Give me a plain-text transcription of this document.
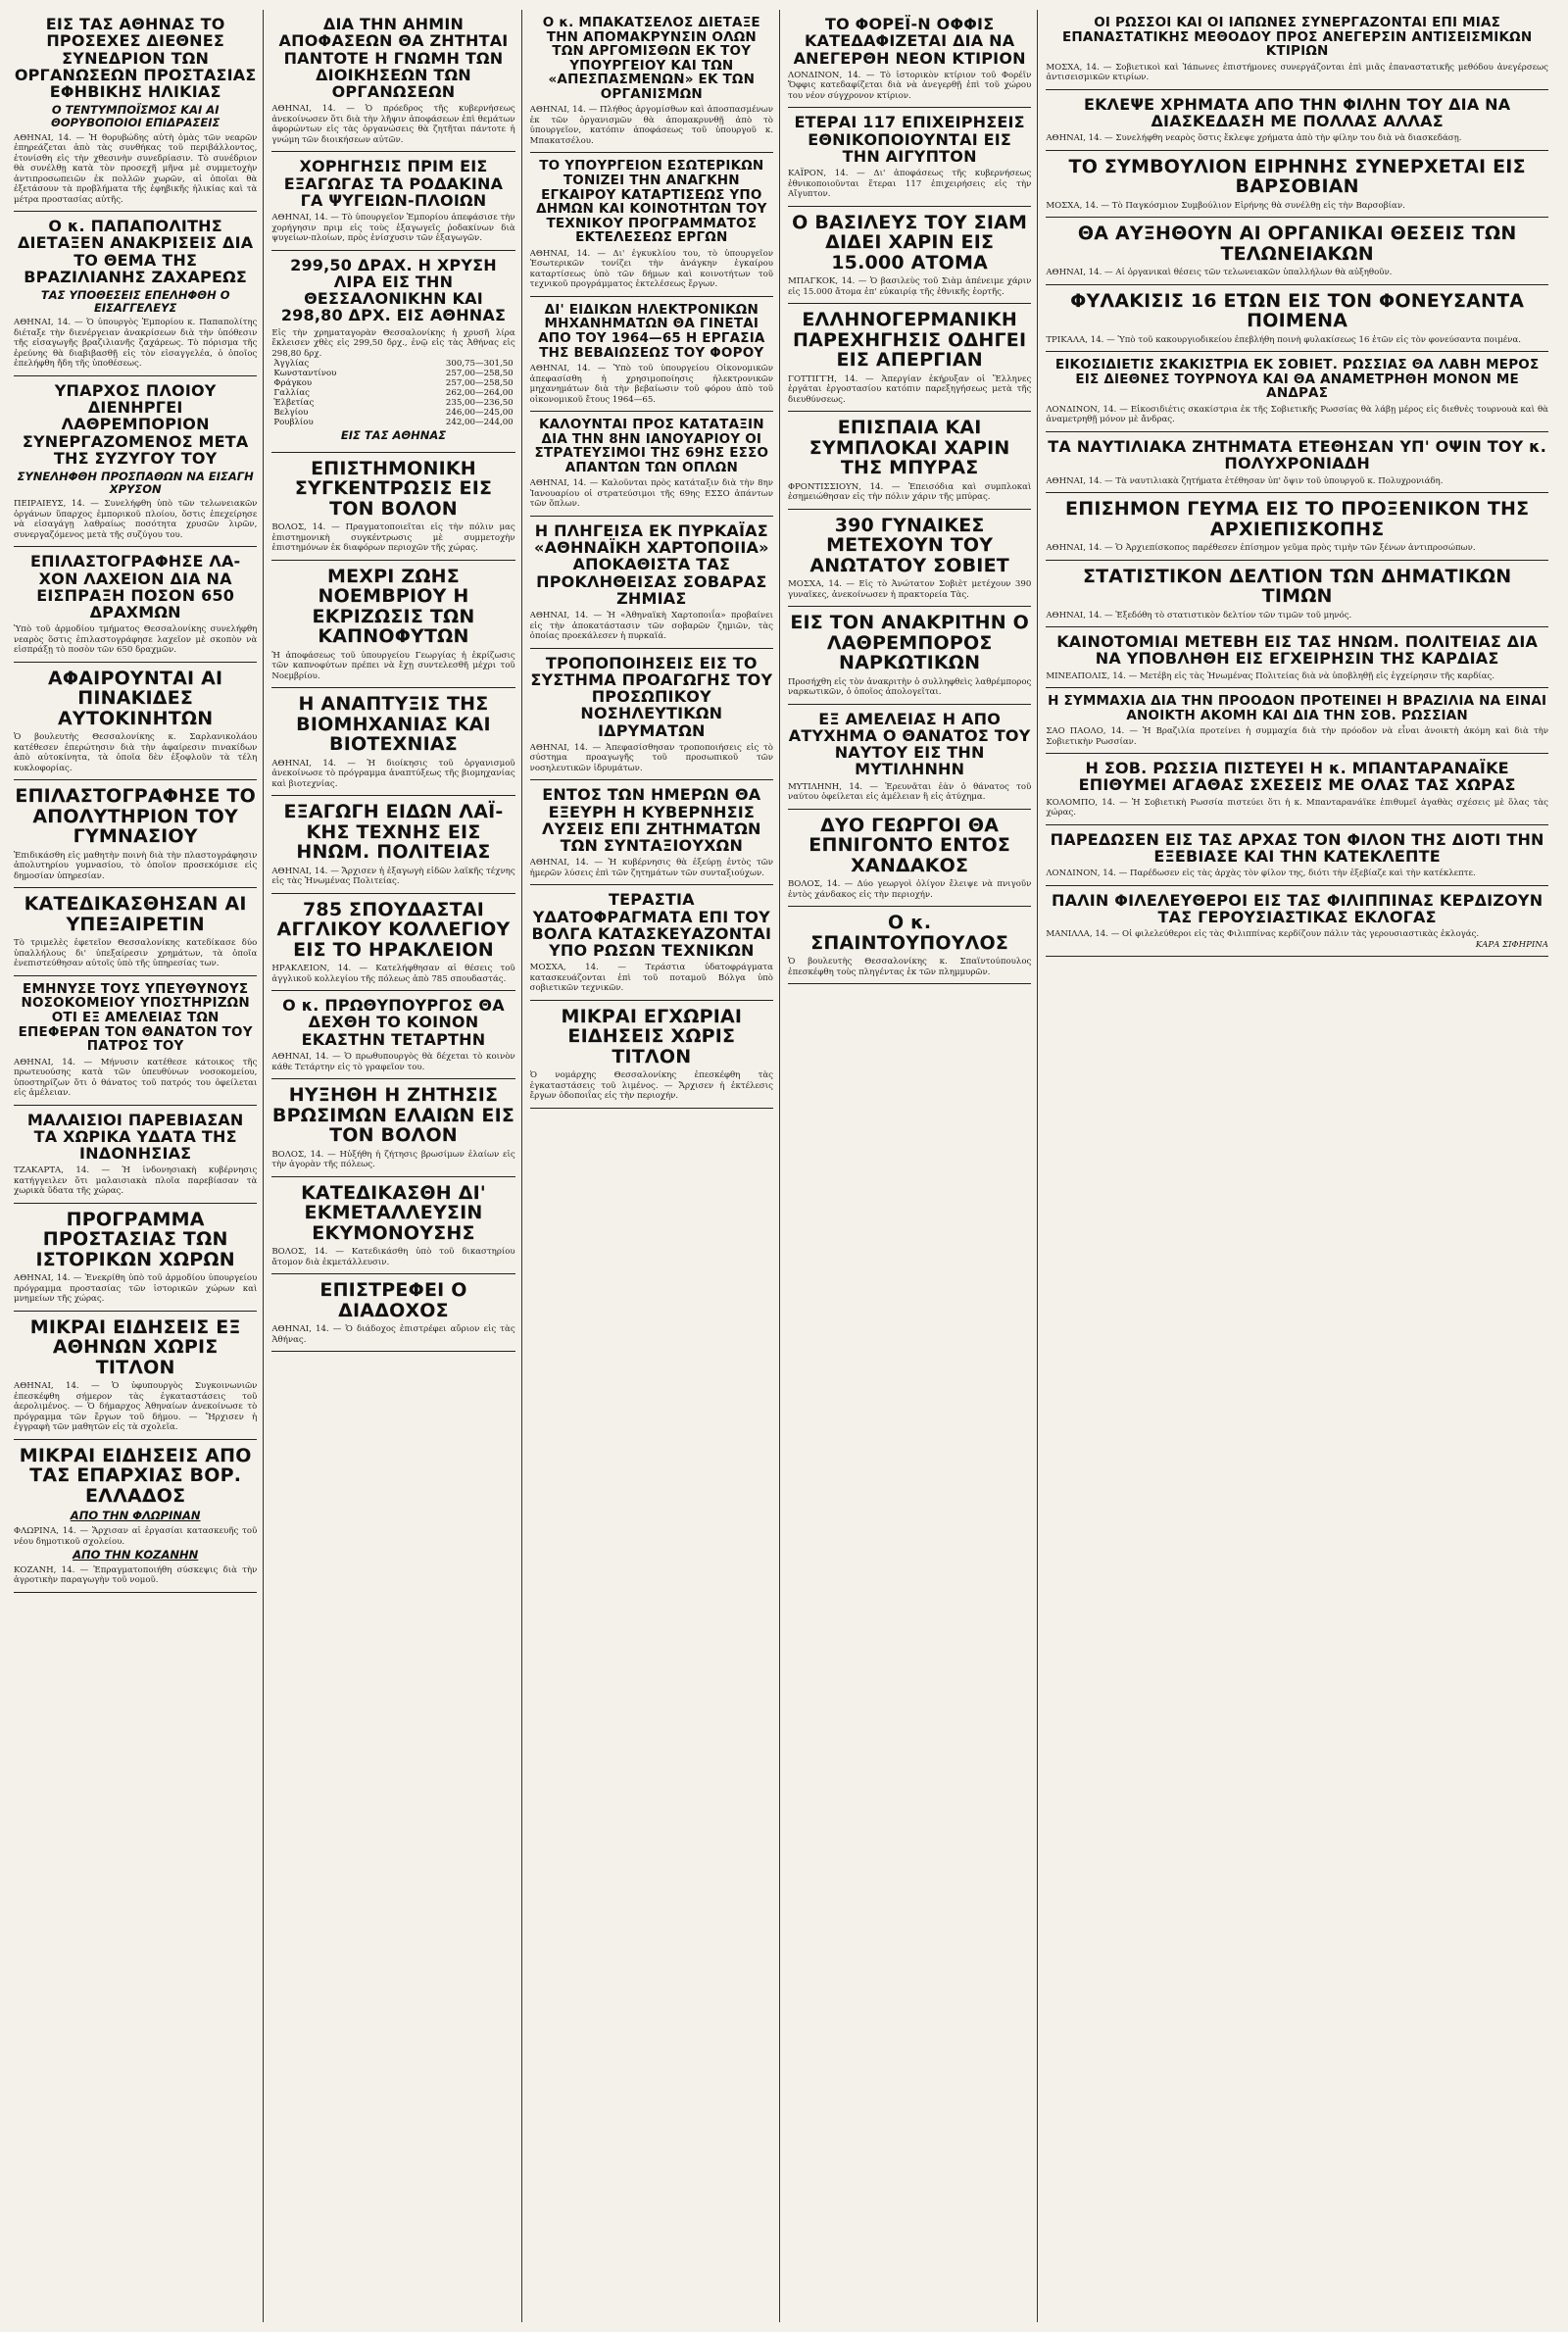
ΕΙΣ ΤΑΣ ΑΘΗΝΑΣ ΤΟ ΠΡΟΣΕΧΕΣ ΔΙΕΘΝΕΣ ΣΥΝΕΔΡΙΟΝ ΤΩΝ ΟΡΓΑΝΩΣΕΩΝ ΠΡΟΣΤΑΣΙΑΣ ΕΦΗΒΙΚΗΣ ΗΛΙΚΙΑΣ
Ο ΤΕΝΤΥΜΠΟΪΣΜΟΣ ΚΑΙ ΑΙ ΘΟΡΥΒΟΠΟΙΟΙ ΕΠΙΔΡΑΣΕΙΣ

ΑΘΗΝΑΙ, 14. — Ἡ θορυβώδης αὐτὴ ὁμὰς τῶν νεαρῶν ἐπηρεάζεται ἀπὸ τὰς συνθήκας τοῦ περιβάλλοντος, ἐτονίσθη εἰς τὴν χθεσινὴν συνεδρίασιν. Τὸ συνέδριον θὰ συνέλθῃ κατὰ τὸν προσεχῆ μῆνα μὲ συμμετοχὴν ἀντιπροσωπειῶν ἐκ πολλῶν χωρῶν, αἱ ὁποῖαι θὰ ἐξετάσουν τὰ προβλήματα τῆς ἐφηβικῆς ἡλικίας καὶ τὰ μέτρα προστασίας αὐτῆς.

Ο κ. ΠΑΠΑΠΟΛΙΤΗΣ ΔΙΕΤΑΞΕΝ ΑΝΑΚΡΙΣΕΙΣ ΔΙΑ ΤΟ ΘΕΜΑ ΤΗΣ ΒΡΑΖΙΛΙΑΝΗΣ ΖΑΧΑΡΕΩΣ
ΤΑΣ ΥΠΟΘΕΣΕΙΣ ΕΠΕΛΗΦΘΗ Ο ΕΙΣΑΓΓΕΛΕΥΣ

ΑΘΗΝΑΙ, 14. — Ὁ ὑπουργὸς Ἐμπορίου κ. Παπαπολίτης διέταξε τὴν διενέργειαν ἀνακρίσεων διὰ τὴν ὑπόθεσιν τῆς εἰσαγωγῆς βραζιλιανῆς ζαχάρεως. Τὸ πόρισμα τῆς ἐρεύνης θὰ διαβιβασθῇ εἰς τὸν εἰσαγγελέα, ὁ ὁποῖος ἐπελήφθη ἤδη τῆς ὑποθέσεως.

ΥΠΑΡΧΟΣ ΠΛΟΙΟΥ ΔΙΕΝΗΡΓΕΙ ΛΑΘΡΕΜΠΟΡΙΟΝ ΣΥΝΕΡΓΑΖΟΜΕΝΟΣ ΜΕΤΑ ΤΗΣ ΣΥΖΥΓΟΥ ΤΟΥ
ΣΥΝΕΛΗΦΘΗ ΠΡΟΣΠΑΘΩΝ ΝΑ ΕΙΣΑΓΗ ΧΡΥΣΟΝ

ΠΕΙΡΑΙΕΥΣ, 14. — Συνελήφθη ὑπὸ τῶν τελωνειακῶν ὀργάνων ὕπαρχος ἐμπορικοῦ πλοίου, ὅστις ἐπεχείρησε νὰ εἰσαγάγῃ λαθραίως ποσότητα χρυσῶν λιρῶν, συνεργαζόμενος μετὰ τῆς συζύγου του.

ΕΠΙΛΑΣΤΟΓΡΑΦΗΣΕ ΛΑ-ΧΟΝ ΛΑΧΕΙΟΝ ΔΙΑ ΝΑ ΕΙΣΠΡΑΞΗ ΠΟΣΟΝ 650 ΔΡΑΧΜΩΝ

Ὑπὸ τοῦ ἀρμοδίου τμήματος Θεσσαλονίκης συνελήφθη νεαρὸς ὅστις ἐπιλαστογράφησε λαχεῖον μὲ σκοπὸν νὰ εἰσπράξῃ τὸ ποσὸν τῶν 650 δραχμῶν.

ΑΦΑΙΡΟΥΝΤΑΙ ΑΙ ΠΙΝΑΚΙΔΕΣ ΑΥΤΟΚΙΝΗΤΩΝ

Ὁ βουλευτὴς Θεσσαλονίκης κ. Σαρλανικολάου κατέθεσεν ἐπερώτησιν διὰ τὴν ἀφαίρεσιν πινακίδων ἀπὸ αὐτοκίνητα, τὰ ὁποῖα δὲν ἐξοφλοῦν τὰ τέλη κυκλοφορίας.

ΕΠΙΛΑΣΤΟΓΡΑΦΗΣΕ ΤΟ ΑΠΟΛΥΤΗΡΙΟΝ ΤΟΥ ΓΥΜΝΑΣΙΟΥ

Ἐπιδικάσθη εἰς μαθητὴν ποινὴ διὰ τὴν πλαστογράφησιν ἀπολυτηρίου γυμνασίου, τὸ ὁποῖον προσεκόμισε εἰς δημοσίαν ὑπηρεσίαν.

ΚΑΤΕΔΙΚΑΣΘΗΣΑΝ ΑΙ ΥΠΕΞΑΙΡΕΤΙΝ

Τὸ τριμελὲς ἐφετεῖον Θεσσαλονίκης κατεδίκασε δύο ὑπαλλήλους δι' ὑπεξαίρεσιν χρημάτων, τὰ ὁποῖα ἐνεπιστεύθησαν αὐτοῖς ὑπὸ τῆς ὑπηρεσίας των.

ΕΜΗΝΥΣΕ ΤΟΥΣ ΥΠΕΥΘΥΝΟΥΣ ΝΟΣΟΚΟΜΕΙΟΥ ΥΠΟΣΤΗΡΙΖΩΝ ΟΤΙ ΕΞ ΑΜΕΛΕΙΑΣ ΤΩΝ ΕΠΕΦΕΡΑΝ ΤΟΝ ΘΑΝΑΤΟΝ ΤΟΥ ΠΑΤΡΟΣ ΤΟΥ

ΑΘΗΝΑΙ, 14. — Μήνυσιν κατέθεσε κάτοικος τῆς πρωτευούσης κατὰ τῶν ὑπευθύνων νοσοκομείου, ὑποστηρίζων ὅτι ὁ θάνατος τοῦ πατρός του ὀφείλεται εἰς ἀμέλειαν.

ΜΑΛΑΙΣΙΟΙ ΠΑΡΕΒΙΑΣΑΝ ΤΑ ΧΩΡΙΚΑ ΥΔΑΤΑ ΤΗΣ ΙΝΔΟΝΗΣΙΑΣ

ΤΖΑΚΑΡΤΑ, 14. — Ἡ ἰνδονησιακὴ κυβέρνησις κατήγγειλεν ὅτι μαλαισιακὰ πλοῖα παρεβίασαν τὰ χωρικὰ ὕδατα τῆς χώρας.

ΠΡΟΓΡΑΜΜΑ ΠΡΟΣΤΑΣΙΑΣ ΤΩΝ ΙΣΤΟΡΙΚΩΝ ΧΩΡΩΝ

ΑΘΗΝΑΙ, 14. — Ἐνεκρίθη ὑπὸ τοῦ ἀρμοδίου ὑπουργείου πρόγραμμα προστασίας τῶν ἱστορικῶν χώρων καὶ μνημείων τῆς χώρας.

ΜΙΚΡΑΙ ΕΙΔΗΣΕΙΣ ΕΞ ΑΘΗΝΩΝ ΧΩΡΙΣ ΤΙΤΛΟΝ

ΑΘΗΝΑΙ, 14. — Ὁ ὑφυπουργὸς Συγκοινωνιῶν ἐπεσκέφθη σήμερον τὰς ἐγκαταστάσεις τοῦ ἀερολιμένος. — Ὁ δήμαρχος Ἀθηναίων ἀνεκοίνωσε τὸ πρόγραμμα τῶν ἔργων τοῦ δήμου. — Ἤρχισεν ἡ ἐγγραφὴ τῶν μαθητῶν εἰς τὰ σχολεῖα.

ΜΙΚΡΑΙ ΕΙΔΗΣΕΙΣ ΑΠΟ ΤΑΣ ΕΠΑΡΧΙΑΣ ΒΟΡ. ΕΛΛΑΔΟΣ
ΑΠΟ ΤΗΝ ΦΛΩΡΙΝΑΝ

ΦΛΩΡΙΝΑ, 14. — Ἄρχισαν αἱ ἐργασίαι κατασκευῆς τοῦ νέου δημοτικοῦ σχολείου.

ΑΠΟ ΤΗΝ ΚΟΖΑΝΗΝ

ΚΟΖΑΝΗ, 14. — Ἐπραγματοποιήθη σύσκεψις διὰ τὴν ἀγροτικὴν παραγωγὴν τοῦ νομοῦ.

ΔΙΑ ΤΗΝ ΑΗΜΙΝ ΑΠΟΦΑΣΕΩΝ ΘΑ ΖΗΤΗΤΑΙ ΠΑΝΤΟΤΕ Η ΓΝΩΜΗ ΤΩΝ ΔΙΟΙΚΗΣΕΩΝ ΤΩΝ ΟΡΓΑΝΩΣΕΩΝ

ΑΘΗΝΑΙ, 14. — Ὁ πρόεδρος τῆς κυβερνήσεως ἀνεκοίνωσεν ὅτι διὰ τὴν λῆψιν ἀποφάσεων ἐπὶ θεμάτων ἀφορώντων εἰς τὰς ὀργανώσεις θὰ ζητῆται πάντοτε ἡ γνώμη τῶν διοικήσεων αὐτῶν.

ΧΟΡΗΓΗΣΙΣ ΠΡΙΜ ΕΙΣ ΕΞΑΓΩΓΑΣ ΤΑ ΡΟΔΑΚΙΝΑ ΓΑ ΨΥΓΕΙΩΝ-ΠΛΟΙΩΝ

ΑΘΗΝΑΙ, 14. — Τὸ ὑπουργεῖον Ἐμπορίου ἀπεφάσισε τὴν χορήγησιν πριμ εἰς τοὺς ἐξαγωγεῖς ῥοδακίνων διὰ ψυγείων-πλοίων, πρὸς ἐνίσχυσιν τῶν ἐξαγωγῶν.

299,50 ΔΡΑΧ. Η ΧΡΥΣΗ ΛΙΡΑ ΕΙΣ ΤΗΝ ΘΕΣΣΑΛΟΝΙΚΗΝ ΚΑΙ 298,80 ΔΡΧ. ΕΙΣ ΑΘΗΝΑΣ

Εἰς τὴν χρηματαγορὰν Θεσσαλονίκης ἡ χρυσῆ λίρα ἔκλεισεν χθὲς εἰς 299,50 δρχ., ἐνῷ εἰς τὰς Ἀθήνας εἰς 298,80 δρχ.

Ἀγγλίας	300,75—301,50
Κωνσταντίνου	257,00—258,50
Φράγκου	257,00—258,50
Γαλλίας	262,00—264,00
Ἐλβετίας	235,00—236,50
Βελγίου	246,00—245,00
Ρουβλίου	242,00—244,00
ΕΙΣ ΤΑΣ ΑΘΗΝΑΣ
ΕΠΙΣΤΗΜΟΝΙΚΗ ΣΥΓΚΕΝΤΡΩΣΙΣ ΕΙΣ ΤΟΝ ΒΟΛΟΝ

ΒΟΛΟΣ, 14. — Πραγματοποιεῖται εἰς τὴν πόλιν μας ἐπιστημονικὴ συγκέντρωσις μὲ συμμετοχὴν ἐπιστημόνων ἐκ διαφόρων περιοχῶν τῆς χώρας.

ΜΕΧΡΙ ΖΩΗΣ ΝΟΕΜΒΡΙΟΥ Η ΕΚΡΙΖΩΣΙΣ ΤΩΝ ΚΑΠΝΟΦΥΤΩΝ

Ἡ ἀποφάσεως τοῦ ὑπουργείου Γεωργίας ἡ ἐκρίζωσις τῶν καπνοφύτων πρέπει νὰ ἔχῃ συντελεσθῆ μέχρι τοῦ Νοεμβρίου.

Η ΑΝΑΠΤΥΞΙΣ ΤΗΣ ΒΙΟΜΗΧΑΝΙΑΣ ΚΑΙ ΒΙΟΤΕΧΝΙΑΣ

ΑΘΗΝΑΙ, 14. — Ἡ διοίκησις τοῦ ὀργανισμοῦ ἀνεκοίνωσε τὸ πρόγραμμα ἀναπτύξεως τῆς βιομηχανίας καὶ βιοτεχνίας.

ΕΞΑΓΩΓΗ ΕΙΔΩΝ ΛΑΪ-ΚΗΣ ΤΕΧΝΗΣ ΕΙΣ ΗΝΩΜ. ΠΟΛΙΤΕΙΑΣ

ΑΘΗΝΑΙ, 14. — Ἄρχισεν ἡ ἐξαγωγὴ εἰδῶν λαϊκῆς τέχνης εἰς τὰς Ἡνωμένας Πολιτείας.

785 ΣΠΟΥΔΑΣΤΑΙ ΑΓΓΛΙΚΟΥ ΚΟΛΛΕΓΙΟΥ ΕΙΣ ΤΟ ΗΡΑΚΛΕΙΟΝ

ΗΡΑΚΛΕΙΟΝ, 14. — Κατελήφθησαν αἱ θέσεις τοῦ ἀγγλικοῦ κολλεγίου τῆς πόλεως ἀπὸ 785 σπουδαστάς.

Ο κ. ΠΡΩΘΥΠΟΥΡΓΟΣ ΘΑ ΔΕΧΘΗ ΤΟ ΚΟΙΝΟΝ ΕΚΑΣΤΗΝ ΤΕΤΑΡΤΗΝ

ΑΘΗΝΑΙ, 14. — Ὁ πρωθυπουργὸς θὰ δέχεται τὸ κοινὸν κάθε Τετάρτην εἰς τὸ γραφεῖον του.

ΗΥΞΗΘΗ Η ΖΗΤΗΣΙΣ ΒΡΩΣΙΜΩΝ ΕΛΑΙΩΝ ΕΙΣ ΤΟΝ ΒΟΛΟΝ

ΒΟΛΟΣ, 14. — Ηὐξήθη ἡ ζήτησις βρωσίμων ἐλαίων εἰς τὴν ἀγορὰν τῆς πόλεως.

ΚΑΤΕΔΙΚΑΣΘΗ ΔΙ' ΕΚΜΕΤΑΛΛΕΥΣΙΝ ΕΚΥΜΟΝΟΥΣΗΣ

ΒΟΛΟΣ, 14. — Κατεδικάσθη ὑπὸ τοῦ δικαστηρίου ἄτομον διὰ ἐκμετάλλευσιν.

ΕΠΙΣΤΡΕΦΕΙ Ο ΔΙΑΔΟΧΟΣ

ΑΘΗΝΑΙ, 14. — Ὁ διάδοχος ἐπιστρέφει αὔριον εἰς τὰς Ἀθήνας.

Ο κ. ΜΠΑΚΑΤΣΕΛΟΣ ΔΙΕΤΑΞΕ ΤΗΝ ΑΠΟΜΑΚΡΥΝΣΙΝ ΟΛΩΝ ΤΩΝ ΑΡΓΟΜΙΣΘΩΝ ΕΚ ΤΟΥ ΥΠΟΥΡΓΕΙΟΥ ΚΑΙ ΤΩΝ «ΑΠΕΣΠΑΣΜΕΝΩΝ» ΕΚ ΤΩΝ ΟΡΓΑΝΙΣΜΩΝ

ΑΘΗΝΑΙ, 14. — Πλήθος ἀργομίσθων καὶ ἀποσπασμένων ἐκ τῶν ὀργανισμῶν θὰ ἀπομακρυνθῇ ἀπὸ τὸ ὑπουργεῖον, κατόπιν ἀποφάσεως τοῦ ὑπουργοῦ κ. Μπακατσέλου.

ΤΟ ΥΠΟΥΡΓΕΙΟΝ ΕΣΩΤΕΡΙΚΩΝ ΤΟΝΙΖΕΙ ΤΗΝ ΑΝΑΓΚΗΝ ΕΓΚΑΙΡΟΥ ΚΑΤΑΡΤΙΣΕΩΣ ΥΠΟ ΔΗΜΩΝ ΚΑΙ ΚΟΙΝΟΤΗΤΩΝ ΤΟΥ ΤΕΧΝΙΚΟΥ ΠΡΟΓΡΑΜΜΑΤΟΣ ΕΚΤΕΛΕΣΕΩΣ ΕΡΓΩΝ

ΑΘΗΝΑΙ, 14. — Δι' ἐγκυκλίου του, τὸ ὑπουργεῖον Ἐσωτερικῶν τονίζει τὴν ἀνάγκην ἐγκαίρου καταρτίσεως ὑπὸ τῶν δήμων καὶ κοινοτήτων τοῦ τεχνικοῦ προγράμματος ἐκτελέσεως ἔργων.

ΔΙ' ΕΙΔΙΚΩΝ ΗΛΕΚΤΡΟΝΙΚΩΝ ΜΗΧΑΝΗΜΑΤΩΝ ΘΑ ΓΙΝΕΤΑΙ ΑΠΟ ΤΟΥ 1964—65 Η ΕΡΓΑΣΙΑ ΤΗΣ ΒΕΒΑΙΩΣΕΩΣ ΤΟΥ ΦΟΡΟΥ

ΑΘΗΝΑΙ, 14. — Ὑπὸ τοῦ ὑπουργείου Οἰκονομικῶν ἀπεφασίσθη ἡ χρησιμοποίησις ἠλεκτρονικῶν μηχανημάτων διὰ τὴν βεβαίωσιν τοῦ φόρου ἀπὸ τοῦ οἰκονομικοῦ ἔτους 1964—65.

ΚΑΛΟΥΝΤΑΙ ΠΡΟΣ ΚΑΤΑΤΑΞΙΝ ΔΙΑ ΤΗΝ 8ΗΝ ΙΑΝΟΥΑΡΙΟΥ ΟΙ ΣΤΡΑΤΕΥΣΙΜΟΙ ΤΗΣ 69ΗΣ ΕΣΣΟ ΑΠΑΝΤΩΝ ΤΩΝ ΟΠΛΩΝ

ΑΘΗΝΑΙ, 14. — Καλοῦνται πρὸς κατάταξιν διὰ τὴν 8ην Ἰανουαρίου οἱ στρατεύσιμοι τῆς 69ης ΕΣΣΟ ἁπάντων τῶν ὅπλων.

Η ΠΛΗΓΕΙΣΑ ΕΚ ΠΥΡΚΑΪΑΣ «ΑΘΗΝΑΪΚΗ ΧΑΡΤΟΠΟΙΙΑ» ΑΠΟΚΑΘΙΣΤΑ ΤΑΣ ΠΡΟΚΛΗΘΕΙΣΑΣ ΣΟΒΑΡΑΣ ΖΗΜΙΑΣ

ΑΘΗΝΑΙ, 14. — Ἡ «Ἀθηναϊκὴ Χαρτοποιΐα» προβαίνει εἰς τὴν ἀποκατάστασιν τῶν σοβαρῶν ζημιῶν, τὰς ὁποίας προεκάλεσεν ἡ πυρκαϊά.

ΤΡΟΠΟΠΟΙΗΣΕΙΣ ΕΙΣ ΤΟ ΣΥΣΤΗΜΑ ΠΡΟΑΓΩΓΗΣ ΤΟΥ ΠΡΟΣΩΠΙΚΟΥ ΝΟΣΗΛΕΥΤΙΚΩΝ ΙΔΡΥΜΑΤΩΝ

ΑΘΗΝΑΙ, 14. — Ἀπεφασίσθησαν τροποποιήσεις εἰς τὸ σύστημα προαγωγῆς τοῦ προσωπικοῦ τῶν νοσηλευτικῶν ἱδρυμάτων.

ΕΝΤΟΣ ΤΩΝ ΗΜΕΡΩΝ ΘΑ ΕΞΕΥΡΗ Η ΚΥΒΕΡΝΗΣΙΣ ΛΥΣΕΙΣ ΕΠΙ ΖΗΤΗΜΑΤΩΝ ΤΩΝ ΣΥΝΤΑΞΙΟΥΧΩΝ

ΑΘΗΝΑΙ, 14. — Ἡ κυβέρνησις θὰ ἐξεύρῃ ἐντὸς τῶν ἡμερῶν λύσεις ἐπὶ τῶν ζητημάτων τῶν συνταξιούχων.

ΤΕΡΑΣΤΙΑ ΥΔΑΤΟΦΡΑΓΜΑΤΑ ΕΠΙ ΤΟΥ ΒΟΛΓΑ ΚΑΤΑΣΚΕΥΑΖΟΝΤΑΙ ΥΠΟ ΡΩΣΩΝ ΤΕΧΝΙΚΩΝ

ΜΟΣΧΑ, 14. — Τεράστια ὑδατοφράγματα κατασκευάζονται ἐπὶ τοῦ ποταμοῦ Βόλγα ὑπὸ σοβιετικῶν τεχνικῶν.

ΜΙΚΡΑΙ ΕΓΧΩΡΙΑΙ ΕΙΔΗΣΕΙΣ ΧΩΡΙΣ ΤΙΤΛΟΝ

Ὁ νομάρχης Θεσσαλονίκης ἐπεσκέφθη τὰς ἐγκαταστάσεις τοῦ λιμένος. — Ἄρχισεν ἡ ἐκτέλεσις ἔργων ὀδοποιΐας εἰς τὴν περιοχήν.

ΤΟ ΦΟΡΕΪ-Ν ΟΦΦΙΣ ΚΑΤΕΔΑΦΙΖΕΤΑΙ ΔΙΑ ΝΑ ΑΝΕΓΕΡΘΗ ΝΕΟΝ ΚΤΙΡΙΟΝ

ΛΟΝΔΙΝΟΝ, 14. — Τὸ ἱστορικὸν κτίριον τοῦ Φορέϊν Ὄφφις κατεδαφίζεται διὰ νὰ ἀνεγερθῇ ἐπὶ τοῦ χώρου του νέον σύγχρονον κτίριον.

ΕΤΕΡΑΙ 117 ΕΠΙΧΕΙΡΗΣΕΙΣ ΕΘΝΙΚΟΠΟΙΟΥΝΤΑΙ ΕΙΣ ΤΗΝ ΑΙΓΥΠΤΟΝ

ΚΑΪΡΟΝ, 14. — Δι' ἀποφάσεως τῆς κυβερνήσεως ἐθνικοποιοῦνται ἕτεραι 117 ἐπιχειρήσεις εἰς τὴν Αἴγυπτον.

Ο ΒΑΣΙΛΕΥΣ ΤΟΥ ΣΙΑΜ ΔΙΔΕΙ ΧΑΡΙΝ ΕΙΣ 15.000 ΑΤΟΜΑ

ΜΠΑΓΚΟΚ, 14. — Ὁ βασιλεὺς τοῦ Σιὰμ ἀπένειμε χάριν εἰς 15.000 ἄτομα ἐπ' εὐκαιρίᾳ τῆς ἐθνικῆς ἑορτῆς.

ΕΛΛΗΝΟΓΕΡΜΑΝΙΚΗ ΠΑΡΕΧΗΓΗΣΙΣ ΟΔΗΓΕΙ ΕΙΣ ΑΠΕΡΓΙΑΝ

ΓΟΤΤΙΓΓΗ, 14. — Ἀπεργίαν ἐκήρυξαν οἱ Ἕλληνες ἐργάται ἐργοστασίου κατόπιν παρεξηγήσεως μετὰ τῆς διευθύνσεως.

ΕΠΙΣΠΑΙΑ ΚΑΙ ΣΥΜΠΛΟΚΑΙ ΧΑΡΙΝ ΤΗΣ ΜΠΥΡΑΣ

ΦΡΟΝΤΙΣΣΙΟΥΝ, 14. — Ἐπεισόδια καὶ συμπλοκαὶ ἐσημειώθησαν εἰς τὴν πόλιν χάριν τῆς μπύρας.

390 ΓΥΝΑΙΚΕΣ ΜΕΤΕΧΟΥΝ ΤΟΥ ΑΝΩΤΑΤΟΥ ΣΟΒΙΕΤ

ΜΟΣΧΑ, 14. — Εἰς τὸ Ἀνώτατον Σοβιὲτ μετέχουν 390 γυναῖκες, ἀνεκοίνωσεν ἡ πρακτορεία Τὰς.

ΕΙΣ ΤΟΝ ΑΝΑΚΡΙΤΗΝ Ο ΛΑΘΡΕΜΠΟΡΟΣ ΝΑΡΚΩΤΙΚΩΝ

Προσήχθη εἰς τὸν ἀνακριτὴν ὁ συλληφθεὶς λαθρέμπορος ναρκωτικῶν, ὁ ὁποῖος ἀπολογεῖται.

ΕΞ ΑΜΕΛΕΙΑΣ Η ΑΠΟ ΑΤΥΧΗΜΑ Ο ΘΑΝΑΤΟΣ ΤΟΥ ΝΑΥΤΟΥ ΕΙΣ ΤΗΝ ΜΥΤΙΛΗΝΗΝ

ΜΥΤΙΛΗΝΗ, 14. — Ἐρευνᾶται ἐὰν ὁ θάνατος τοῦ ναύτου ὀφείλεται εἰς ἀμέλειαν ἢ εἰς ἀτύχημα.

ΔΥΟ ΓΕΩΡΓΟΙ ΘΑ ΕΠΝΙΓΟΝΤΟ ΕΝΤΟΣ ΧΑΝΔΑΚΟΣ

ΒΟΛΟΣ, 14. — Δύο γεωργοὶ ὀλίγον ἔλειψε νὰ πνιγοῦν ἐντὸς χάνδακος εἰς τὴν περιοχήν.

Ο κ. ΣΠΑΙΝΤΟΥΠΟΥΛΟΣ

Ὁ βουλευτὴς Θεσσαλονίκης κ. Σπαϊντούπουλος ἐπεσκέφθη τοὺς πληγέντας ἐκ τῶν πλημμυρῶν.

ΟΙ ΡΩΣΣΟΙ ΚΑΙ ΟΙ ΙΑΠΩΝΕΣ ΣΥΝΕΡΓΑΖΟΝΤΑΙ ΕΠΙ ΜΙΑΣ ΕΠΑΝΑΣΤΑΤΙΚΗΣ ΜΕΘΟΔΟΥ ΠΡΟΣ ΑΝΕΓΕΡΣΙΝ ΑΝΤΙΣΕΙΣΜΙΚΩΝ ΚΤΙΡΙΩΝ

ΜΟΣΧΑ, 14. — Σοβιετικοὶ καὶ Ἰάπωνες ἐπιστήμονες συνεργάζονται ἐπὶ μιᾶς ἐπαναστατικῆς μεθόδου ἀνεγέρσεως ἀντισεισμικῶν κτιρίων.

ΕΚΛΕΨΕ ΧΡΗΜΑΤΑ ΑΠΟ ΤΗΝ ΦΙΛΗΝ ΤΟΥ ΔΙΑ ΝΑ ΔΙΑΣΚΕΔΑΣΗ ΜΕ ΠΟΛΛΑΣ ΑΛΛΑΣ

ΑΘΗΝΑΙ, 14. — Συνελήφθη νεαρὸς ὅστις ἔκλεψε χρήματα ἀπὸ τὴν φίλην του διὰ νὰ διασκεδάσῃ.

ΤΟ ΣΥΜΒΟΥΛΙΟΝ ΕΙΡΗΝΗΣ ΣΥΝΕΡΧΕΤΑΙ ΕΙΣ ΒΑΡΣΟΒΙΑΝ

ΜΟΣΧΑ, 14. — Τὸ Παγκόσμιον Συμβούλιον Εἰρήνης θὰ συνέλθῃ εἰς τὴν Βαρσοβίαν.

ΘΑ ΑΥΞΗΘΟΥΝ ΑΙ ΟΡΓΑΝΙΚΑΙ ΘΕΣΕΙΣ ΤΩΝ ΤΕΛΩΝΕΙΑΚΩΝ

ΑΘΗΝΑΙ, 14. — Αἱ ὀργανικαὶ θέσεις τῶν τελωνειακῶν ὑπαλλήλων θὰ αὐξηθοῦν.

ΦΥΛΑΚΙΣΙΣ 16 ΕΤΩΝ ΕΙΣ ΤΟΝ ΦΟΝΕΥΣΑΝΤΑ ΠΟΙΜΕΝΑ

ΤΡΙΚΑΛΑ, 14. — Ὑπὸ τοῦ κακουργιοδικείου ἐπεβλήθη ποινὴ φυλακίσεως 16 ἐτῶν εἰς τὸν φονεύσαντα ποιμένα.

ΕΙΚΟΣΙΔΙΕΤΙΣ ΣΚΑΚΙΣΤΡΙΑ ΕΚ ΣΟΒΙΕΤ. ΡΩΣΣΙΑΣ ΘΑ ΛΑΒΗ ΜΕΡΟΣ ΕΙΣ ΔΙΕΘΝΕΣ ΤΟΥΡΝΟΥΑ ΚΑΙ ΘΑ ΑΝΑΜΕΤΡΗΘΗ ΜΟΝΟΝ ΜΕ ΑΝΔΡΑΣ

ΛΟΝΔΙΝΟΝ, 14. — Εἰκοσιδιέτις σκακίστρια ἐκ τῆς Σοβιετικῆς Ρωσσίας θὰ λάβῃ μέρος εἰς διεθνὲς τουρνουὰ καὶ θὰ ἀναμετρηθῇ μόνον μὲ ἄνδρας.

ΤΑ ΝΑΥΤΙΛΙΑΚΑ ΖΗΤΗΜΑΤΑ ΕΤΕΘΗΣΑΝ ΥΠ' ΟΨΙΝ ΤΟΥ κ. ΠΟΛΥΧΡΟΝΙΑΔΗ

ΑΘΗΝΑΙ, 14. — Τὰ ναυτιλιακὰ ζητήματα ἐτέθησαν ὑπ' ὄψιν τοῦ ὑπουργοῦ κ. Πολυχρονιάδη.

ΕΠΙΣΗΜΟΝ ΓΕΥΜΑ ΕΙΣ ΤΟ ΠΡΟΞΕΝΙΚΟΝ ΤΗΣ ΑΡΧΙΕΠΙΣΚΟΠΗΣ

ΑΘΗΝΑΙ, 14. — Ὁ Ἀρχιεπίσκοπος παρέθεσεν ἐπίσημον γεῦμα πρὸς τιμὴν τῶν ξένων ἀντιπροσώπων.

ΣΤΑΤΙΣΤΙΚΟΝ ΔΕΛΤΙΟΝ ΤΩΝ ΔΗΜΑΤΙΚΩΝ ΤΙΜΩΝ

ΑΘΗΝΑΙ, 14. — Ἐξεδόθη τὸ στατιστικὸν δελτίον τῶν τιμῶν τοῦ μηνός.

ΚΑΙΝΟΤΟΜΙΑΙ ΜΕΤΕΒΗ ΕΙΣ ΤΑΣ ΗΝΩΜ. ΠΟΛΙΤΕΙΑΣ ΔΙΑ ΝΑ ΥΠΟΒΛΗΘΗ ΕΙΣ ΕΓΧΕΙΡΗΣΙΝ ΤΗΣ ΚΑΡΔΙΑΣ

ΜΙΝΕΑΠΟΛΙΣ, 14. — Μετέβη εἰς τὰς Ἡνωμένας Πολιτείας διὰ νὰ ὑποβληθῇ εἰς ἐγχείρησιν τῆς καρδίας.

Η ΣΥΜΜΑΧΙΑ ΔΙΑ ΤΗΝ ΠΡΟΟΔΟΝ ΠΡΟΤΕΙΝΕΙ Η ΒΡΑΖΙΛΙΑ ΝΑ ΕΙΝΑΙ ΑΝΟΙΚΤΗ ΑΚΟΜΗ ΚΑΙ ΔΙΑ ΤΗΝ ΣΟΒ. ΡΩΣΣΙΑΝ

ΣΑΟ ΠΑΟΛΟ, 14. — Ἡ Βραζιλία προτείνει ἡ συμμαχία διὰ τὴν πρόοδον νὰ εἶναι ἀνοικτὴ ἀκόμη καὶ διὰ τὴν Σοβιετικὴν Ρωσσίαν.

Η ΣΟΒ. ΡΩΣΣΙΑ ΠΙΣΤΕΥΕΙ Η κ. ΜΠΑΝΤΑΡΑΝΑΪΚΕ ΕΠΙΘΥΜΕΙ ΑΓΑΘΑΣ ΣΧΕΣΕΙΣ ΜΕ ΟΛΑΣ ΤΑΣ ΧΩΡΑΣ

ΚΟΛΟΜΠΟ, 14. — Ἡ Σοβιετικὴ Ρωσσία πιστεύει ὅτι ἡ κ. Μπανταρανάϊκε ἐπιθυμεῖ ἀγαθὰς σχέσεις μὲ ὅλας τὰς χώρας.

ΠΑΡΕΔΩΣΕΝ ΕΙΣ ΤΑΣ ΑΡΧΑΣ ΤΟΝ ΦΙΛΟΝ ΤΗΣ ΔΙΟΤΙ ΤΗΝ ΕΞΕΒΙΑΣΕ ΚΑΙ ΤΗΝ ΚΑΤΕΚΛΕΠΤΕ

ΛΟΝΔΙΝΟΝ, 14. — Παρέδωσεν εἰς τὰς ἀρχὰς τὸν φίλον της, διότι τὴν ἐξεβίαζε καὶ τὴν κατέκλεπτε.

ΠΑΛΙΝ ΦΙΛΕΛΕΥΘΕΡΟΙ ΕΙΣ ΤΑΣ ΦΙΛΙΠΠΙΝΑΣ ΚΕΡΔΙΖΟΥΝ ΤΑΣ ΓΕΡΟΥΣΙΑΣΤΙΚΑΣ ΕΚΛΟΓΑΣ

ΜΑΝΙΛΛΑ, 14. — Οἱ φιλελεύθεροι εἰς τὰς Φιλιππίνας κερδίζουν πάλιν τὰς γερουσιαστικὰς ἐκλογάς.

ΚΑΡΑ ΣΙΦΗΡΙΝΑ
